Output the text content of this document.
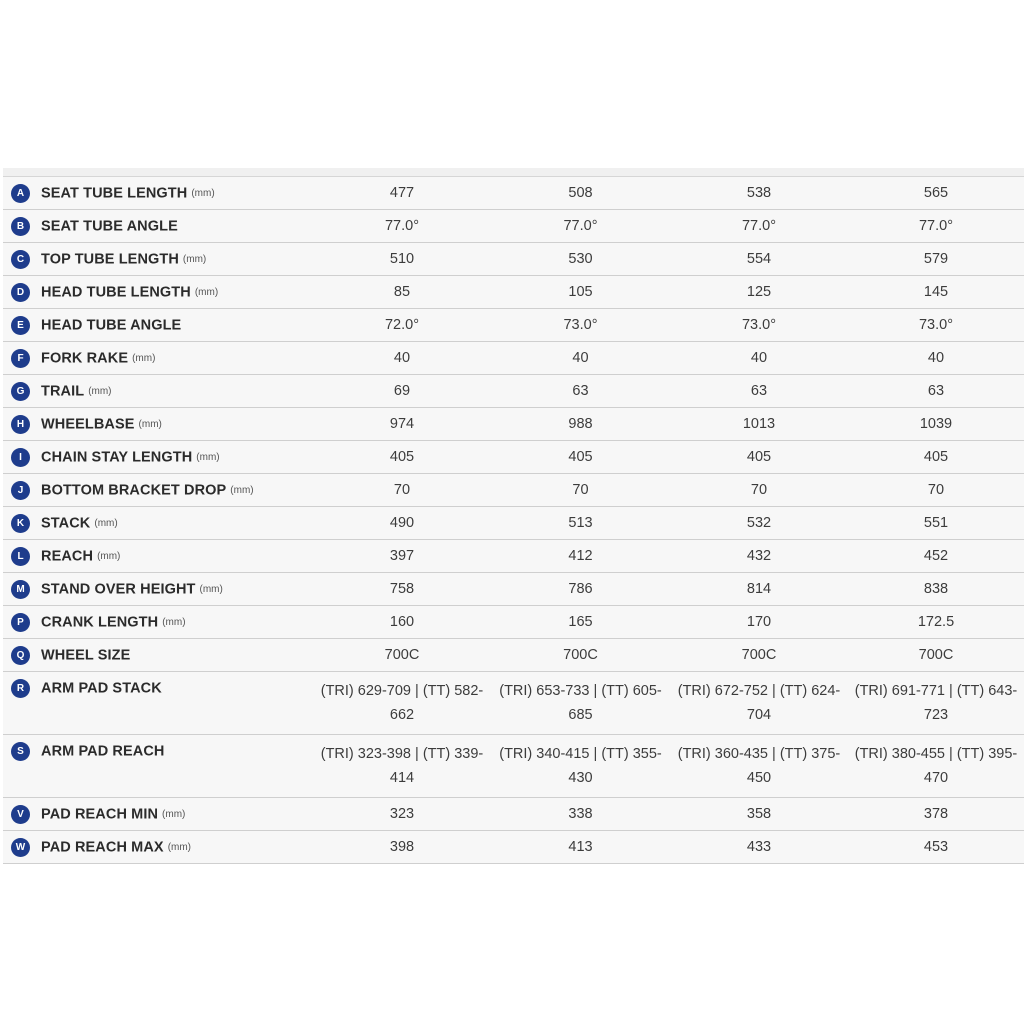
A SEAT TUBE LENGTH (mm)	477	508	538	565
B SEAT TUBE ANGLE	77.0°	77.0°	77.0°	77.0°
C TOP TUBE LENGTH (mm)	510	530	554	579
D HEAD TUBE LENGTH (mm)	85	105	125	145
E HEAD TUBE ANGLE	72.0°	73.0°	73.0°	73.0°
F FORK RAKE (mm)	40	40	40	40
G TRAIL (mm)	69	63	63	63
H WHEELBASE (mm)	974	988	1013	1039
I CHAIN STAY LENGTH (mm)	405	405	405	405
J BOTTOM BRACKET DROP (mm)	70	70	70	70
K STACK (mm)	490	513	532	551
L REACH (mm)	397	412	432	452
M STAND OVER HEIGHT (mm)	758	786	814	838
P CRANK LENGTH (mm)	160	165	170	172.5
Q WHEEL SIZE	700C	700C	700C	700C
R ARM PAD STACK	(TRI) 629-709 | (TT) 582-662	(TRI) 653-733 | (TT) 605-685	(TRI) 672-752 | (TT) 624-704	(TRI) 691-771 | (TT) 643-723
S ARM PAD REACH	(TRI) 323-398 | (TT) 339-414	(TRI) 340-415 | (TT) 355-430	(TRI) 360-435 | (TT) 375-450	(TRI) 380-455 | (TT) 395-470
V PAD REACH MIN (mm)	323	338	358	378
W PAD REACH MAX (mm)	398	413	433	453
